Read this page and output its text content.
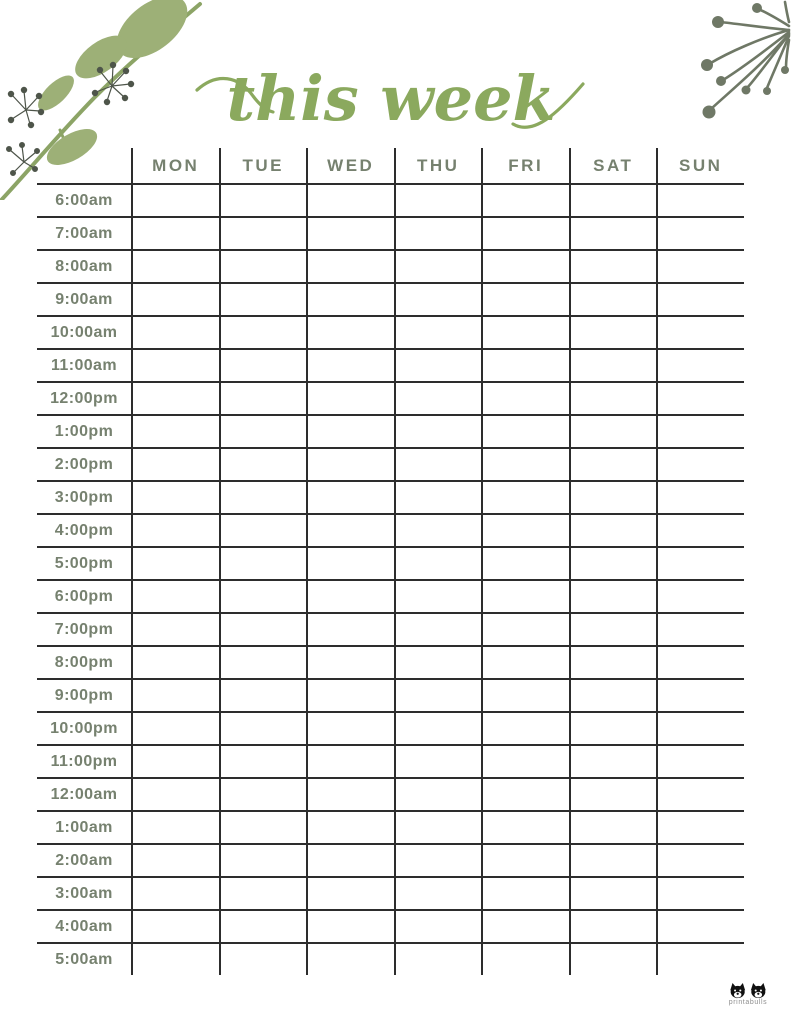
this week
MON	TUE	WED	THU	FRI	SAT	SUN
6:00am
7:00am
8:00am
9:00am
10:00am
11:00am
12:00pm
1:00pm
2:00pm
3:00pm
4:00pm
5:00pm
6:00pm
7:00pm
8:00pm
9:00pm
10:00pm
11:00pm
12:00am
1:00am
2:00am
3:00am
4:00am
5:00am
printabulls
